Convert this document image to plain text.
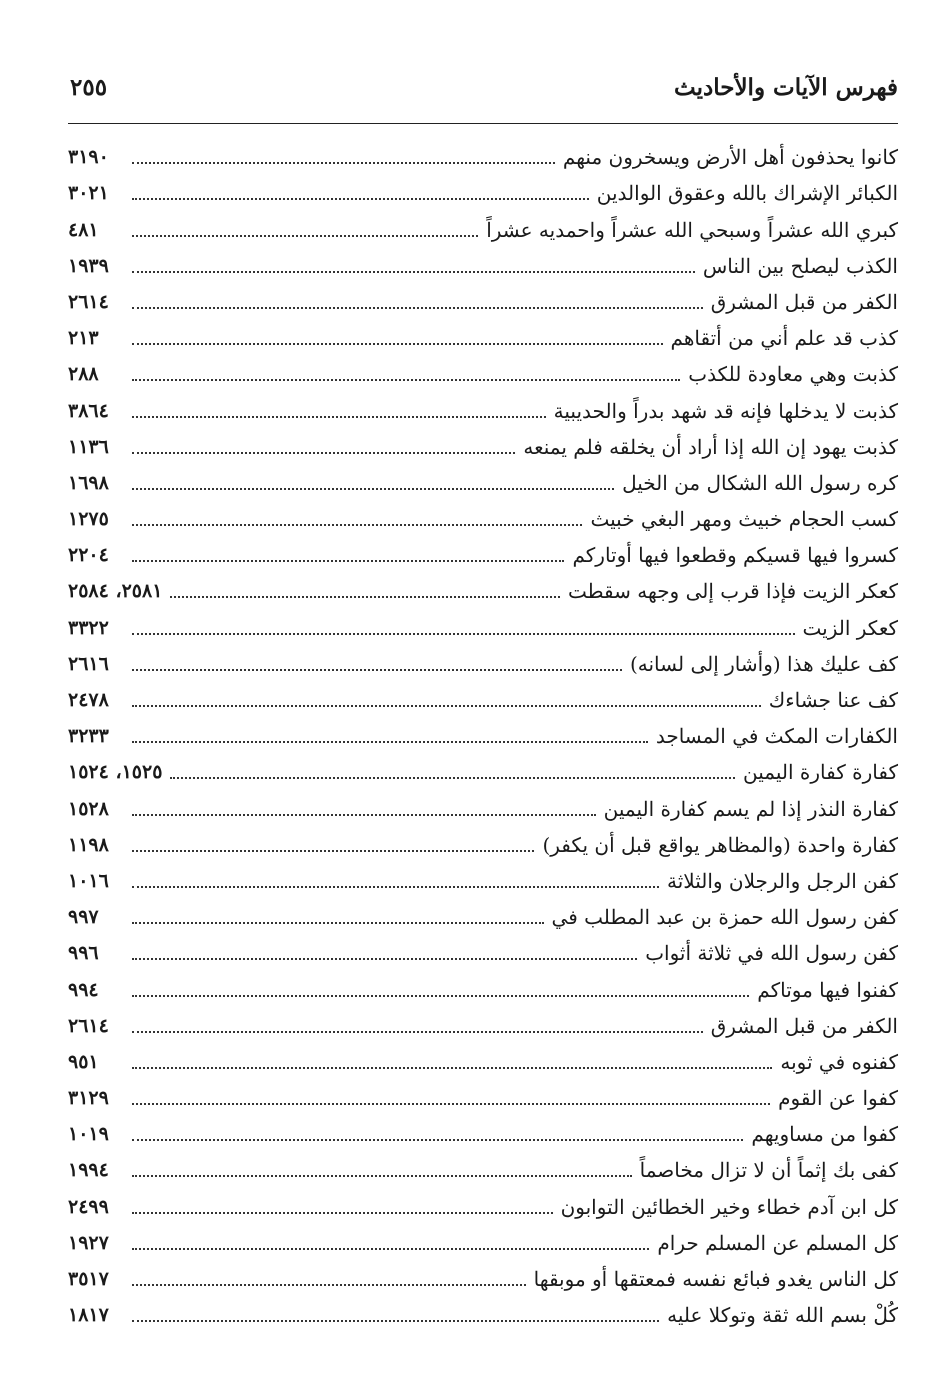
فهرس الآيات والأحاديث
٢٥٥
كانوا يحذفون أهل الأرض ويسخرون منهم
٣١٩٠
الكبائر الإشراك بالله وعقوق الوالدين
٣٠٢١
كبري الله عشراً وسبحي الله عشراً واحمديه عشراً
٤٨١
الكذب ليصلح بين الناس
١٩٣٩
الكفر من قبل المشرق
٢٦١٤
كذب قد علم أني من أتقاهم
٢١٣
كذبت وهي معاودة للكذب
٢٨٨
كذبت لا يدخلها فإنه قد شهد بدراً والحديبية
٣٨٦٤
كذبت يهود إن الله إذا أراد أن يخلقه فلم يمنعه
١١٣٦
كره رسول الله الشكال من الخيل
١٦٩٨
كسب الحجام خبيث ومهر البغي خبيث
١٢٧٥
كسروا فيها قسيكم وقطعوا فيها أوتاركم
٢٢٠٤
كعكر الزيت فإذا قرب إلى وجهه سقطت
٢٥٨١، ٢٥٨٤
كعكر الزيت
٣٣٢٢
كف عليك هذا (وأشار إلى لسانه)
٢٦١٦
كف عنا جشاءك
٢٤٧٨
الكفارات المكث في المساجد
٣٢٣٣
كفارة كفارة اليمين
١٥٢٥، ١٥٢٤
كفارة النذر إذا لم يسم كفارة اليمين
١٥٢٨
كفارة واحدة (والمظاهر يواقع قبل أن يكفر)
١١٩٨
كفن الرجل والرجلان والثلاثة
١٠١٦
كفن رسول الله حمزة بن عبد المطلب في
٩٩٧
كفن رسول الله في ثلاثة أثواب
٩٩٦
كفنوا فيها موتاكم
٩٩٤
الكفر من قبل المشرق
٢٦١٤
كفنوه في ثوبه
٩٥١
كفوا عن القوم
٣١٢٩
كفوا من مساويهم
١٠١٩
كفى بك إثماً أن لا تزال مخاصماً
١٩٩٤
كل ابن آدم خطاء وخير الخطائين التوابون
٢٤٩٩
كل المسلم عن المسلم حرام
١٩٢٧
كل الناس يغدو فبائع نفسه فمعتقها أو موبقها
٣٥١٧
كُلْ بسم الله ثقة وتوكلا عليه
١٨١٧
